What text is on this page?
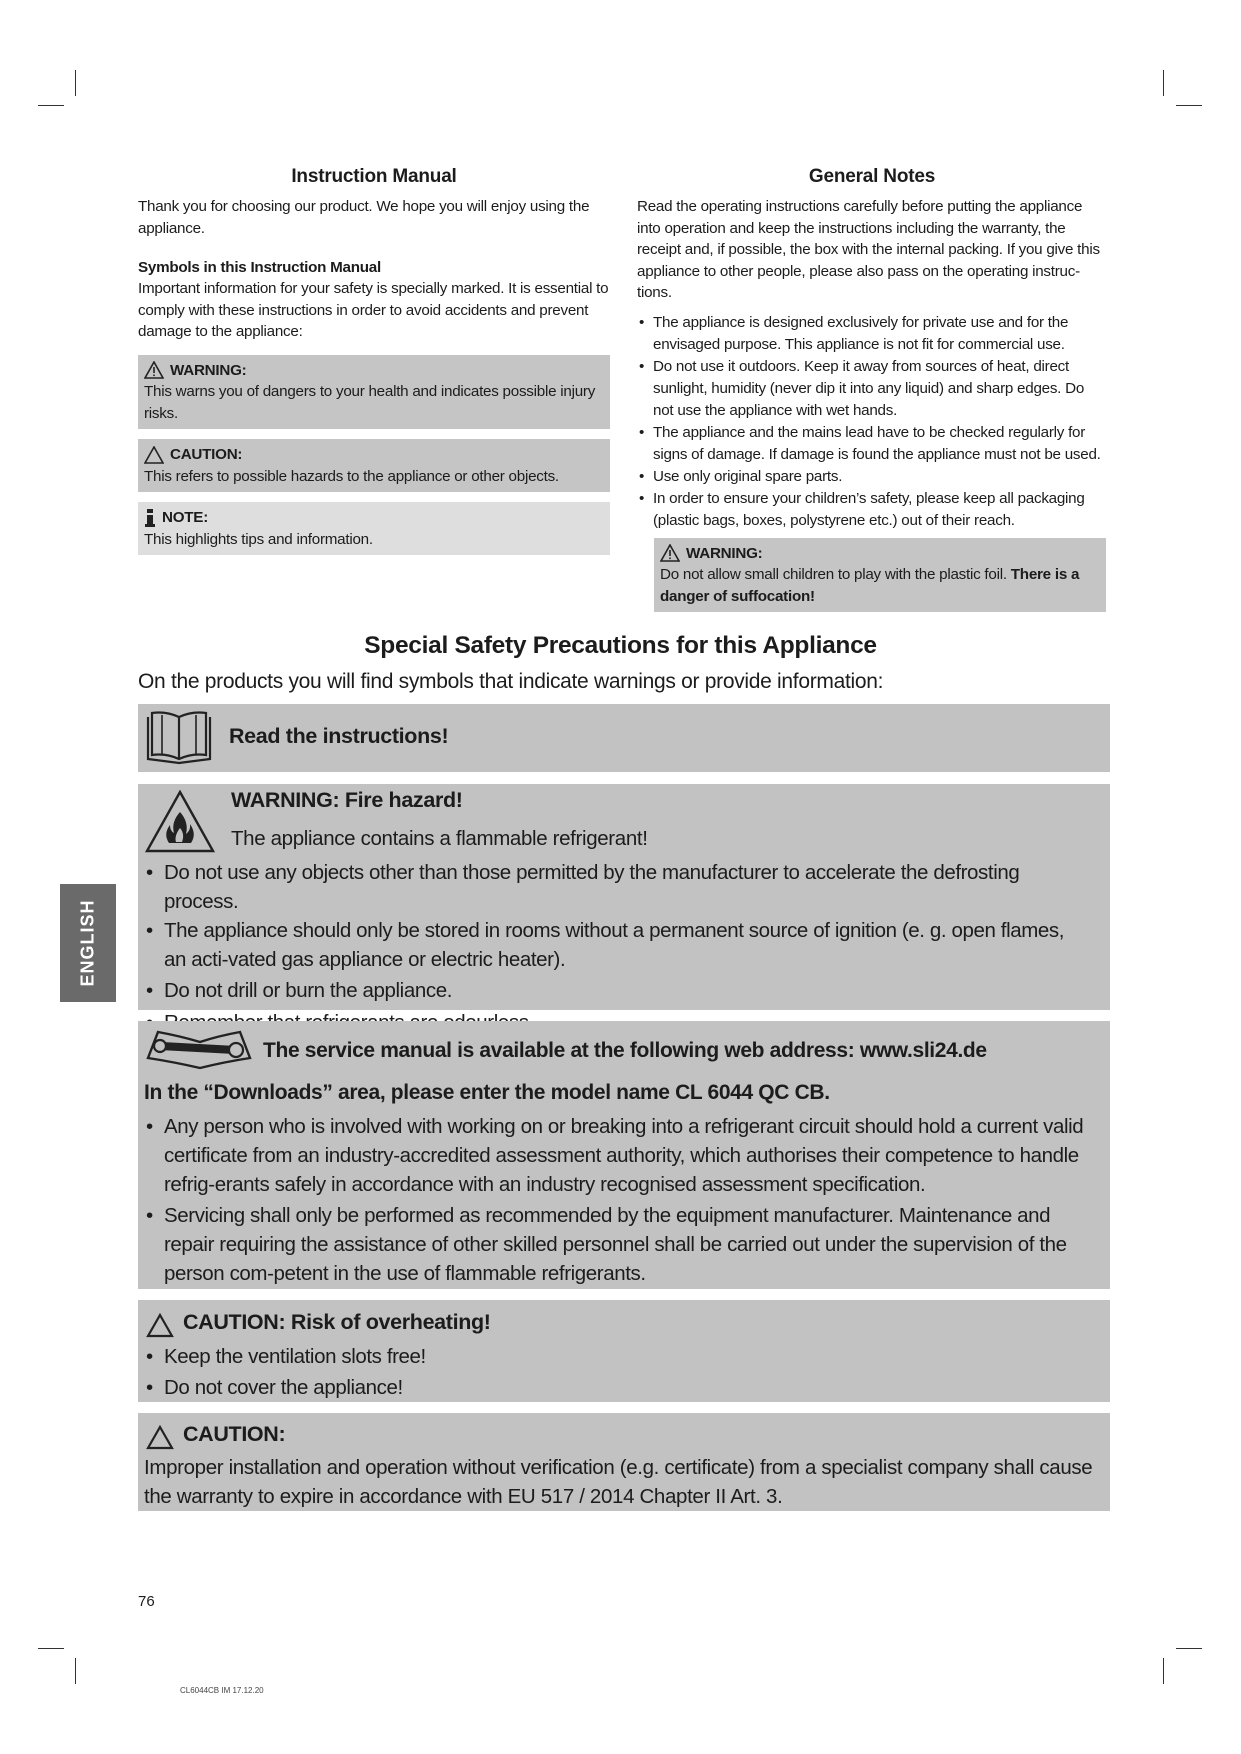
Instruction Manual

Thank you for choosing our product. We hope you will enjoy using the appliance.

Symbols in this Instruction Manual

Important information for your safety is specially marked. It is essential to comply with these instructions in order to avoid accidents and prevent damage to the appliance:

WARNING:
This warns you of dangers to your health and indicates possible injury risks.
CAUTION:
This refers to possible hazards to the appliance or other objects.
NOTE:
This highlights tips and information.
General Notes

Read the operating instructions carefully before putting the appliance into operation and keep the instructions including the warranty, the receipt and, if possible, the box with the internal packing. If you give this appliance to other people, please also pass on the operating instruc-tions.

• The appliance is designed exclusively for private use and for the envisaged purpose. This appliance is not fit for commercial use.
• Do not use it outdoors. Keep it away from sources of heat, direct sunlight, humidity (never dip it into any liquid) and sharp edges. Do not use the appliance with wet hands.
• The appliance and the mains lead have to be checked regularly for signs of damage. If damage is found the appliance must not be used.
• Use only original spare parts.
• In order to ensure your children’s safety, please keep all packaging (plastic bags, boxes, polystyrene etc.) out of their reach.
WARNING:
Do not allow small children to play with the plastic foil. There is a danger of suffocation!
Special Safety Precautions for this Appliance
On the products you will find symbols that indicate warnings or provide information:
Read the instructions!
WARNING: Fire hazard!
The appliance contains a flammable refrigerant!
• Do not use any objects other than those permitted by the manufacturer to accelerate the defrosting process.
• The appliance should only be stored in rooms without a permanent source of ignition (e. g. open flames, an acti-vated gas appliance or electric heater).
• Do not drill or burn the appliance.
•
The service manual is available at the following web address: www.sli24.de
In the “Downloads” area, please enter the model name CL 6044 QC CB.
• Any person who is involved with working on or breaking into a refrigerant circuit should hold a current valid certificate from an industry-accredited assessment authority, which authorises their competence to handle refrig-erants safely in accordance with an industry recognised assessment specification.
• Servicing shall only be performed as recommended by the equipment manufacturer. Maintenance and repair requiring the assistance of other skilled personnel shall be carried out under the supervision of the person com-petent in the use of flammable refrigerants.
CAUTION: Risk of overheating!
• Keep the ventilation slots free!
• Do not cover the appliance!
CAUTION:
Improper installation and operation without verification (e.g. certificate) from a specialist company shall cause the warranty to expire in accordance with EU 517 / 2014 Chapter II Art. 3.
ENGLISH
76
CL6044CB IM 17.12.20
